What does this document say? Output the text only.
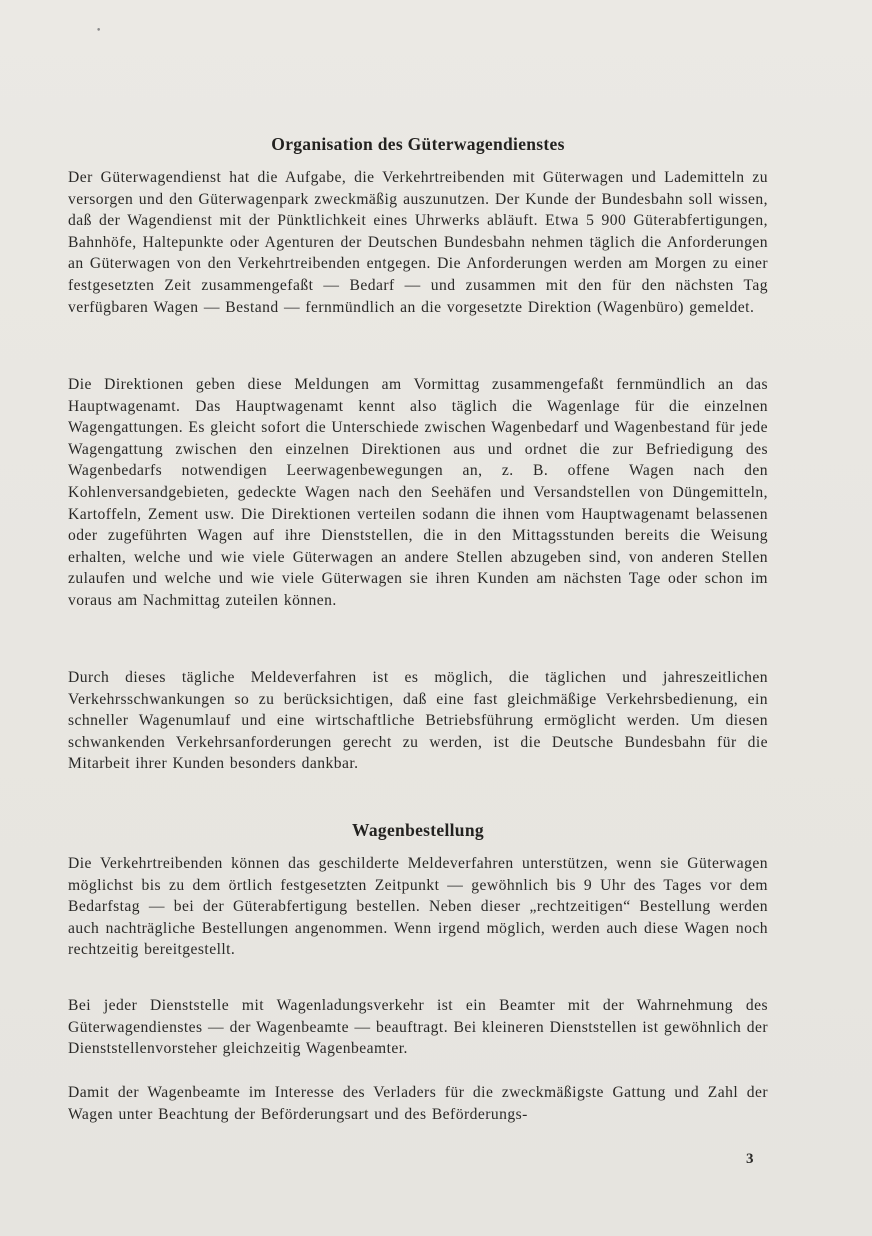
•
Organisation des Güterwagendienstes

Der Güterwagendienst hat die Aufgabe, die Verkehrtreibenden mit Güterwagen und Lademitteln zu versorgen und den Güterwagenpark zweckmäßig auszunutzen. Der Kunde der Bundesbahn soll wissen, daß der Wagendienst mit der Pünktlichkeit eines Uhrwerks abläuft. Etwa 5 900 Güterabfertigungen, Bahnhöfe, Haltepunkte oder Agenturen der Deutschen Bundesbahn nehmen täglich die Anforderungen an Güterwagen von den Verkehrtreibenden entgegen. Die Anforderungen werden am Morgen zu einer festgesetzten Zeit zusammengefaßt — Bedarf — und zusammen mit den für den nächsten Tag verfügbaren Wagen — Bestand — fernmündlich an die vorgesetzte Direktion (Wagenbüro) gemeldet.

Die Direktionen geben diese Meldungen am Vormittag zusammengefaßt fernmündlich an das Hauptwagenamt. Das Hauptwagenamt kennt also täglich die Wagenlage für die einzelnen Wagengattungen. Es gleicht sofort die Unterschiede zwischen Wagenbedarf und Wagenbestand für jede Wagengattung zwischen den einzelnen Direktionen aus und ordnet die zur Befriedigung des Wagenbedarfs notwendigen Leerwagenbewegungen an, z. B. offene Wagen nach den Kohlenversandgebieten, gedeckte Wagen nach den Seehäfen und Versandstellen von Düngemitteln, Kartoffeln, Zement usw. Die Direktionen verteilen sodann die ihnen vom Hauptwagenamt belassenen oder zugeführten Wagen auf ihre Dienststellen, die in den Mittagsstunden bereits die Weisung erhalten, welche und wie viele Güterwagen an andere Stellen abzugeben sind, von anderen Stellen zulaufen und welche und wie viele Güterwagen sie ihren Kunden am nächsten Tage oder schon im voraus am Nachmittag zuteilen können.

Durch dieses tägliche Meldeverfahren ist es möglich, die täglichen und jahreszeitlichen Verkehrsschwankungen so zu berücksichtigen, daß eine fast gleichmäßige Verkehrsbedienung, ein schneller Wagenumlauf und eine wirtschaftliche Betriebsführung ermöglicht werden. Um diesen schwankenden Verkehrsanforderungen gerecht zu werden, ist die Deutsche Bundesbahn für die Mitarbeit ihrer Kunden besonders dankbar.

Wagenbestellung

Die Verkehrtreibenden können das geschilderte Meldeverfahren unterstützen, wenn sie Güterwagen möglichst bis zu dem örtlich festgesetzten Zeitpunkt — gewöhnlich bis 9 Uhr des Tages vor dem Bedarfstag — bei der Güterabfertigung bestellen. Neben dieser „rechtzeitigen“ Bestellung werden auch nachträgliche Bestellungen angenommen. Wenn irgend möglich, werden auch diese Wagen noch rechtzeitig bereitgestellt.

Bei jeder Dienststelle mit Wagenladungsverkehr ist ein Beamter mit der Wahrnehmung des Güterwagendienstes — der Wagenbeamte — beauftragt. Bei kleineren Dienststellen ist gewöhnlich der Dienststellenvorsteher gleichzeitig Wagenbeamter.

Damit der Wagenbeamte im Interesse des Verladers für die zweckmäßigste Gattung und Zahl der Wagen unter Beachtung der Beförderungsart und des Beförderungs-

3
